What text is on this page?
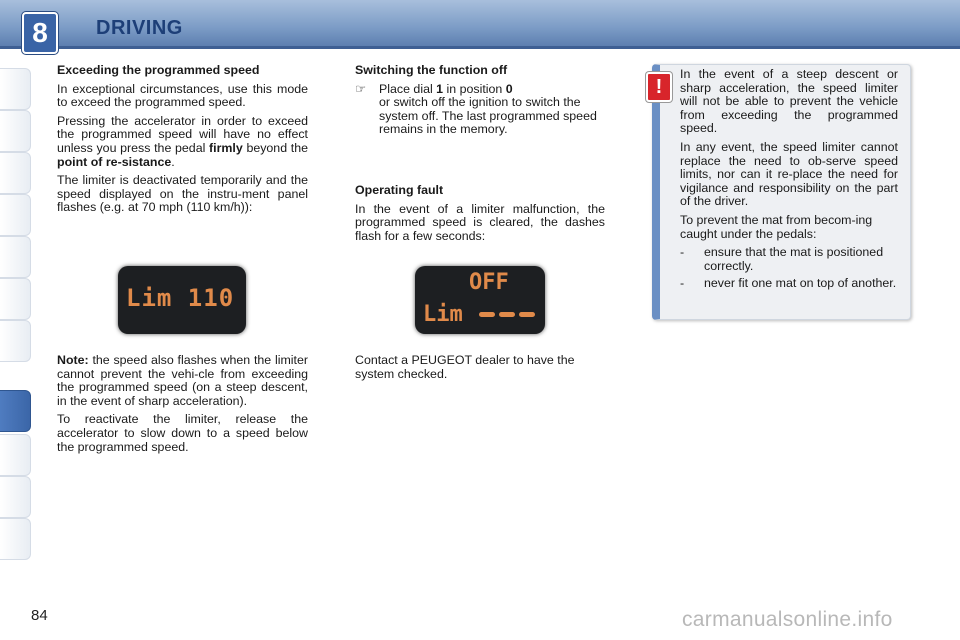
8	DRIVING
Exceeding the programmed speed

In exceptional circumstances, use this mode to exceed the programmed speed.

Pressing the accelerator in order to exceed the programmed speed will have no effect unless you press the pedal firmly beyond the point of re-sistance.

The limiter is deactivated temporarily and the speed displayed on the instru-ment panel flashes (e.g. at 70 mph (110 km/h)):

Lim 110

Note: the speed also flashes when the limiter cannot prevent the vehi-cle from exceeding the programmed speed (on a steep descent, in the event of sharp acceleration).

To reactivate the limiter, release the accelerator to slow down to a speed below the programmed speed.

Switching the function off
☞	Place dial 1 in position 0
or switch off the ignition to switch the system off. The last programmed speed remains in the memory.
Operating fault

In the event of a limiter malfunction, the programmed speed is cleared, the dashes flash for a few seconds:

OFF
Lim

Contact a PEUGEOT dealer to have the system checked.

!

In the event of a steep descent or sharp acceleration, the speed limiter will not be able to prevent the vehicle from exceeding the programmed speed.

In any event, the speed limiter cannot replace the need to ob-serve speed limits, nor can it re-place the need for vigilance and responsibility on the part of the driver.

To prevent the mat from becom-ing caught under the pedals:

-	ensure that the mat is positioned correctly.
-	never fit one mat on top of another.
84	carmanualsonline.info
